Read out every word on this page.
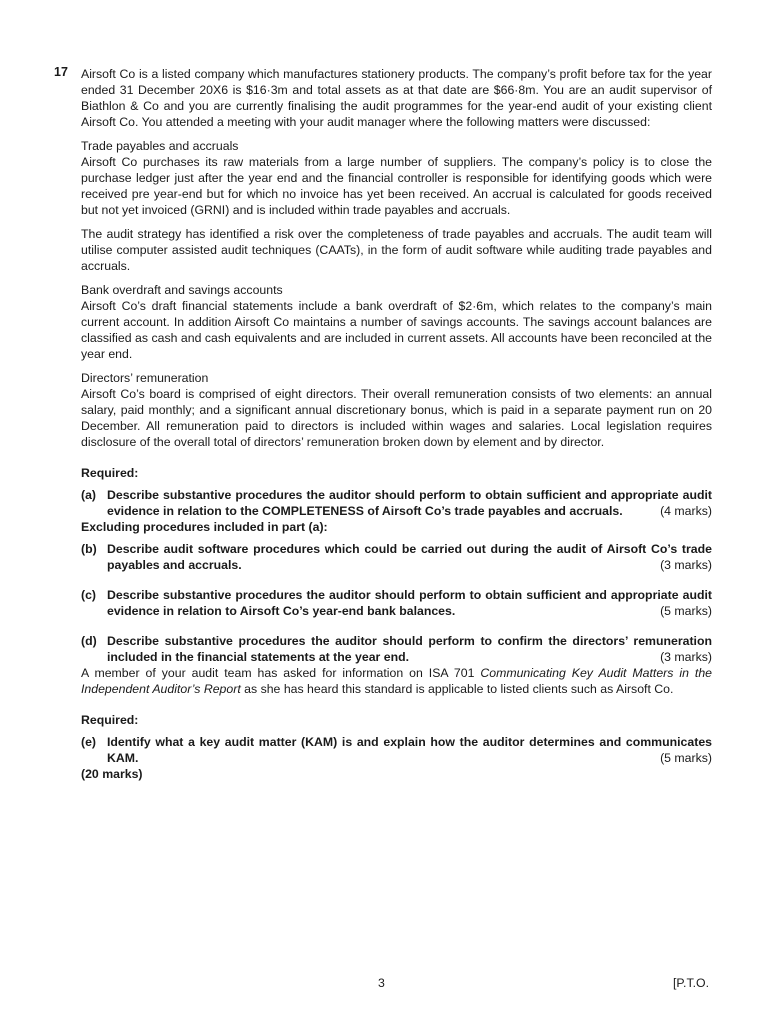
17 Airsoft Co is a listed company which manufactures stationery products. The company’s profit before tax for the year ended 31 December 20X6 is $16·3m and total assets as at that date are $66·8m. You are an audit supervisor of Biathlon & Co and you are currently finalising the audit programmes for the year-end audit of your existing client Airsoft Co. You attended a meeting with your audit manager where the following matters were discussed:

Trade payables and accruals

Airsoft Co purchases its raw materials from a large number of suppliers. The company’s policy is to close the purchase ledger just after the year end and the financial controller is responsible for identifying goods which were received pre year-end but for which no invoice has yet been received. An accrual is calculated for goods received but not yet invoiced (GRNI) and is included within trade payables and accruals.

The audit strategy has identified a risk over the completeness of trade payables and accruals. The audit team will utilise computer assisted audit techniques (CAATs), in the form of audit software while auditing trade payables and accruals.

Bank overdraft and savings accounts

Airsoft Co’s draft financial statements include a bank overdraft of $2·6m, which relates to the company’s main current account. In addition Airsoft Co maintains a number of savings accounts. The savings account balances are classified as cash and cash equivalents and are included in current assets. All accounts have been reconciled at the year end.

Directors’ remuneration

Airsoft Co’s board is comprised of eight directors. Their overall remuneration consists of two elements: an annual salary, paid monthly; and a significant annual discretionary bonus, which is paid in a separate payment run on 20 December. All remuneration paid to directors is included within wages and salaries. Local legislation requires disclosure of the overall total of directors’ remuneration broken down by element and by director.

Required:

(a) Describe substantive procedures the auditor should perform to obtain sufficient and appropriate audit evidence in relation to the COMPLETENESS of Airsoft Co’s trade payables and accruals.	(4 marks)

Excluding procedures included in part (a):

(b) Describe audit software procedures which could be carried out during the audit of Airsoft Co’s trade payables and accruals.	(3 marks)
(c) Describe substantive procedures the auditor should perform to obtain sufficient and appropriate audit evidence in relation to Airsoft Co’s year-end bank balances.	(5 marks)
(d) Describe substantive procedures the auditor should perform to confirm the directors’ remuneration included in the financial statements at the year end.	(3 marks)

A member of your audit team has asked for information on ISA 701 Communicating Key Audit Matters in the Independent Auditor’s Report as she has heard this standard is applicable to listed clients such as Airsoft Co.

Required:

(e) Identify what a key audit matter (KAM) is and explain how the auditor determines and communicates KAM.	(5 marks)

(20 marks)

3	[P.T.O.
